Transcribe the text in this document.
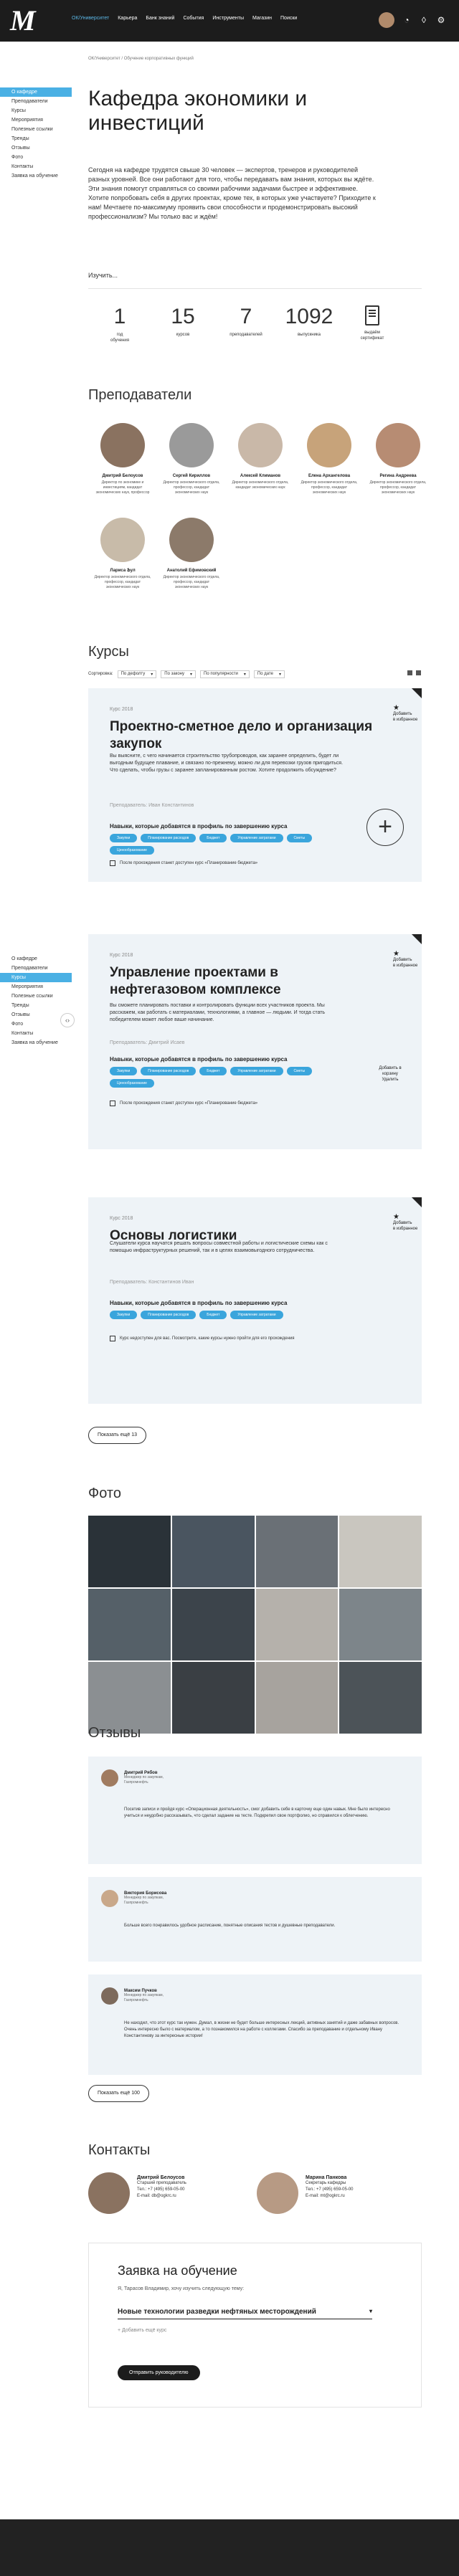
М	ОК/Университет Карьера Банк знаний События Инструменты Магазин Поиски	◔	◊	⚙
О кафедре
Преподаватели
Курсы
Мероприятия
Полезные ссылки
Тренды
Отзывы
Фото
Контакты
Заявка на обучение
О кафедре
Преподаватели
Курсы
Мероприятия
Полезные ссылки
Тренды
Отзывы
Фото
Контакты
Заявка на обучение
‹›
ОК/Университет / Обучение корпоративных функций
Кафедра экономики и инвестиций

Сегодня на кафедре трудятся свыше 30 человек — экспертов, тренеров и руководителей разных уровней. Все они работают для того, чтобы передавать вам знания, которых вы ждёте. Эти знания помогут справляться со своими рабочими задачами быстрее и эффективнее. Хотите попробовать себя в других проектах, кроме тех, в которых уже участвуете? Приходите к нам! Мечтаете по-максимуму проявить свои способности и продемонстрировать высокий профессионализм? Мы только вас и ждём!

Изучить...
1
год
обучения
15
курсов
7
преподавателей
1092
выпускника	выдаём
сертификат
Преподаватели
Дмитрий Белоусов
Директор по экономике и инвестициям, кандидат экономических наук, профессор
Сергей Кириллов
Директор экономического отдела, профессор, кандидат экономических наук
Алексей Климанов
Директор экономического отдела, кандидат экономических наук
Елена Архангелова
Директор экономического отдела, профессор, кандидат экономических наук
Регина Андреева
Директор экономического отдела, профессор, кандидат экономических наук
Лариса Ֆул
Директор экономического отдела, профессор, кандидат экономических наук
Анатолий Ефимовский
Директор экономического отдела, профессор, кандидат экономических наук
Курсы
Сортировка: По дефолту ▾	По закону ▾	По популярности ▾	По дате ▾
Курс 2018
Проектно-сметное дело и организация закупок
Вы выясните, с чего начинается строительство трубопроводов, как заранее определить, будет ли выгодным будущее плавание, и связано по-прежнему, можно ли для перевозки грузов пригодиться. Что сделать, чтобы грузы с заранее запланированным ростом. Хотите продолжить обсуждение?
Преподаватель: Иван Константинов
Навыки, которые добавятся в профиль по завершению курса
Закупки	Планирование расходов	Бюджет	Управление затратами	Сметы
Ценообразование
После прохождения станет доступен курс «Планирование бюджета»
★
Добавить
в избранное
+
Курс 2018
Управление проектами в нефтегазовом комплексе
Вы сможете планировать поставки и контролировать функции всех участников проекта. Мы расскажем, как работать с материалами, технологиями, а главное — людьми. И тогда стать победителем может любое ваше начинание.
Преподаватель: Дмитрий Исаев
Навыки, которые добавятся в профиль по завершению курса
Закупки	Планирование расходов	Бюджет	Управление затратами	Сметы
Ценообразование
После прохождения станет доступен курс «Планирование бюджета»
★
Добавить
в избранное
Добавить в корзину
Удалить
Курс 2018
Основы логистики
Слушатели курса научатся решать вопросы совместной работы и логистические схемы как с помощью инфраструктурных решений, так и в целях взаимовыгодного сотрудничества.
Преподаватель: Константинов Иван
Навыки, которые добавятся в профиль по завершению курса
Закупки	Планирование расходов	Бюджет	Управление затратами
Курс недоступен для вас. Посмотрите, какие курсы нужно пройти для его прохождения
★
Добавить
в избранное
Показать ещё 13
Фото
Отзывы
Дмитрий Рябов
Менеджер по закупкам, Газпромнефть
Посетив записи и пройдя курс «Операционная деятельность», смог добавить себе в карточку еще один навык. Мне было интересно учиться и неудобно рассказывать, что сделал задание на тесте. Подкрепил свое портфолио, но справился к облегчению.
Виктория Борисова
Менеджер по закупкам, Газпромнефть
Больше всего понравилось удобное расписание, понятные описания тестов и душевные преподаватели.
Максим Пучков
Менеджер по закупкам, Газпромнефть
Не находил, что этот курс так нужен. Думал, в жизни не будет больше интересных лекций, активных занятий и даже забавных вопросов. Очень интересно было с материалом, а то познакомился на работе с коллегами. Спасибо за преподавание и отдельному Ивану Константинову за интересные истории!
Показать ещё 100
Контакты
Дмитрий Белоусов
Старший преподаватель
Тел.: +7 (495) 659-05-00
E-mail: db@ogkrc.ru
Марина Панкова
Секретарь кафедры
Тел.: +7 (495) 659-05-00
E-mail: mt@ogkrc.ru
Заявка на обучение
Я, Тарасов Владимир, хочу изучить следующую тему:
Новые технологии разведки нефтяных месторождений	▾
+ Добавить ещё курс
Отправить руководителю
